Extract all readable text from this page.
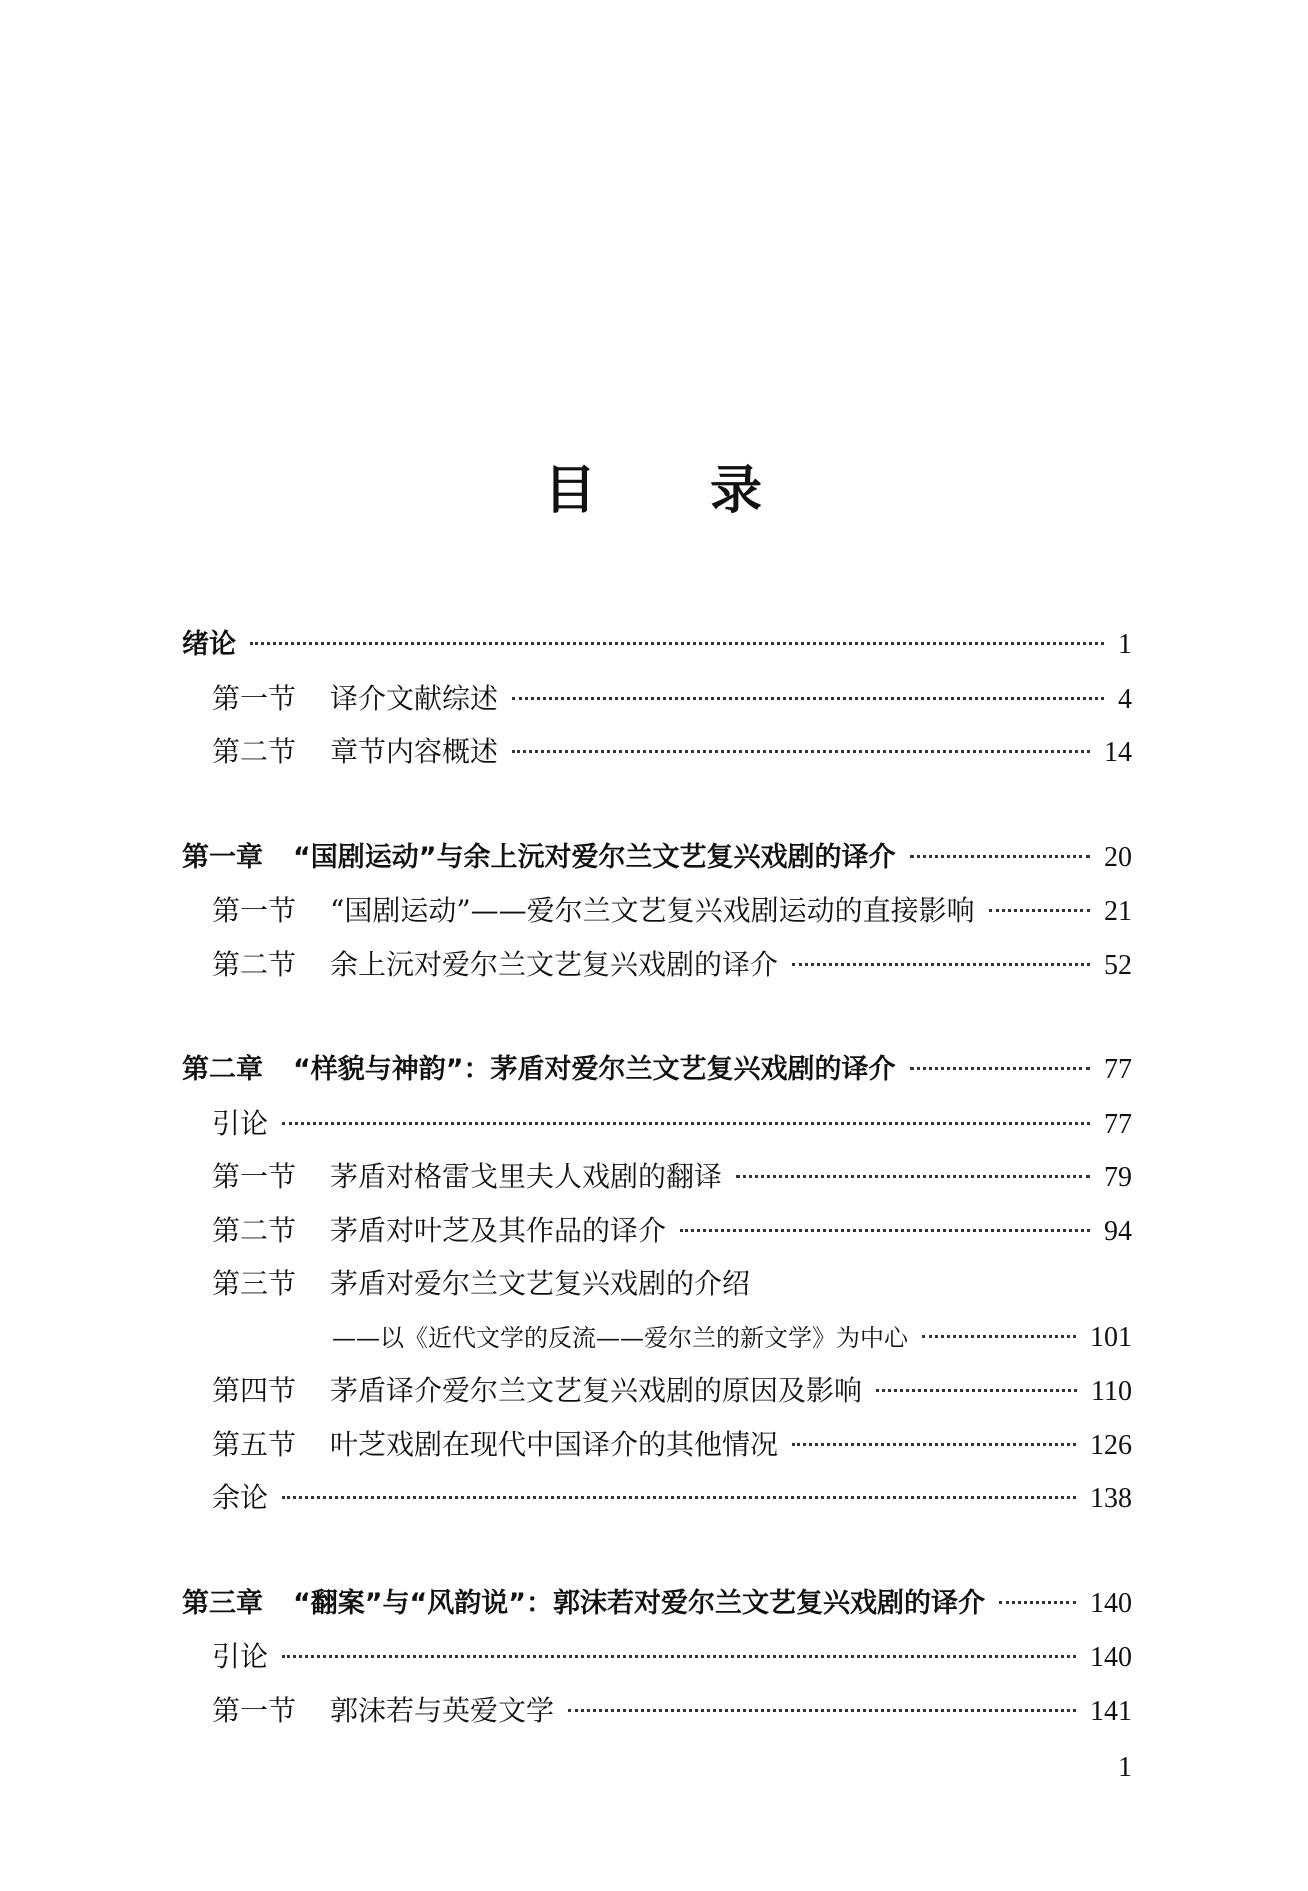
目 录
绪论	1
第一节	译介文献综述	4
第二节	章节内容概述	14
第一章 “国剧运动”与余上沅对爱尔兰文艺复兴戏剧的译介	20
第一节	“国剧运动”——爱尔兰文艺复兴戏剧运动的直接影响	21
第二节	余上沅对爱尔兰文艺复兴戏剧的译介	52
第二章 “样貌与神韵”：茅盾对爱尔兰文艺复兴戏剧的译介	77
引论	77
第一节	茅盾对格雷戈里夫人戏剧的翻译	79
第二节	茅盾对叶芝及其作品的译介	94
第三节	茅盾对爱尔兰文艺复兴戏剧的介绍
——以《近代文学的反流——爱尔兰的新文学》为中心	101
第四节	茅盾译介爱尔兰文艺复兴戏剧的原因及影响	110
第五节	叶芝戏剧在现代中国译介的其他情况	126
余论	138
第三章 “翻案”与“风韵说”：郭沫若对爱尔兰文艺复兴戏剧的译介	140
引论	140
第一节	郭沫若与英爱文学	141
1
